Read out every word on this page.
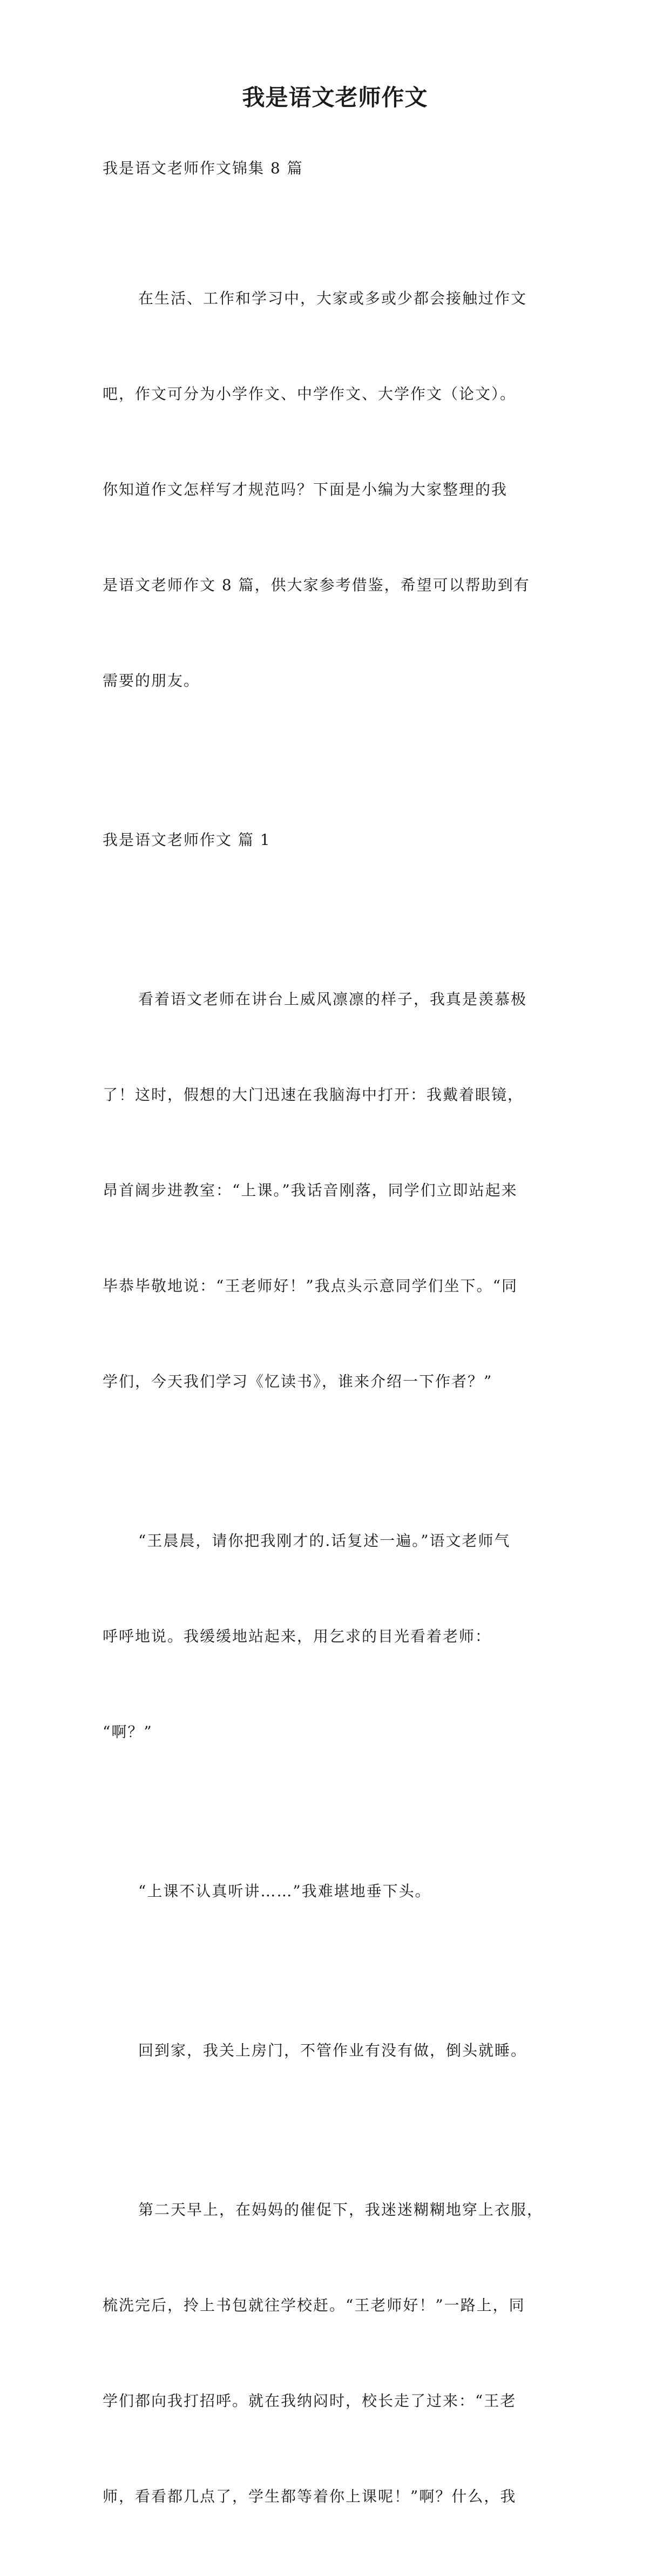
我是语文老师作文

我是语文老师作文锦集 8 篇

在生活、工作和学习中，大家或多或少都会接触过作文

吧，作文可分为小学作文、中学作文、大学作文（论文）。

你知道作文怎样写才规范吗？下面是小编为大家整理的我

是语文老师作文 8 篇，供大家参考借鉴，希望可以帮助到有

需要的朋友。

我是语文老师作文 篇 1

看着语文老师在讲台上威风凛凛的样子，我真是羡慕极

了！这时，假想的大门迅速在我脑海中打开：我戴着眼镜，

昂首阔步进教室：“上课。”我话音刚落，同学们立即站起来

毕恭毕敬地说：“王老师好！”我点头示意同学们坐下。“同

学们，今天我们学习《忆读书》，谁来介绍一下作者？”

“王晨晨，请你把我刚才的.话复述一遍。”语文老师气

呼呼地说。我缓缓地站起来，用乞求的目光看着老师：

“啊？”

“上课不认真听讲……”我难堪地垂下头。

回到家，我关上房门，不管作业有没有做，倒头就睡。

第二天早上，在妈妈的催促下，我迷迷糊糊地穿上衣服，

梳洗完后，拎上书包就往学校赶。“王老师好！”一路上，同

学们都向我打招呼。就在我纳闷时，校长走了过来：“王老

师，看看都几点了，学生都等着你上课呢！”啊？什么，我
